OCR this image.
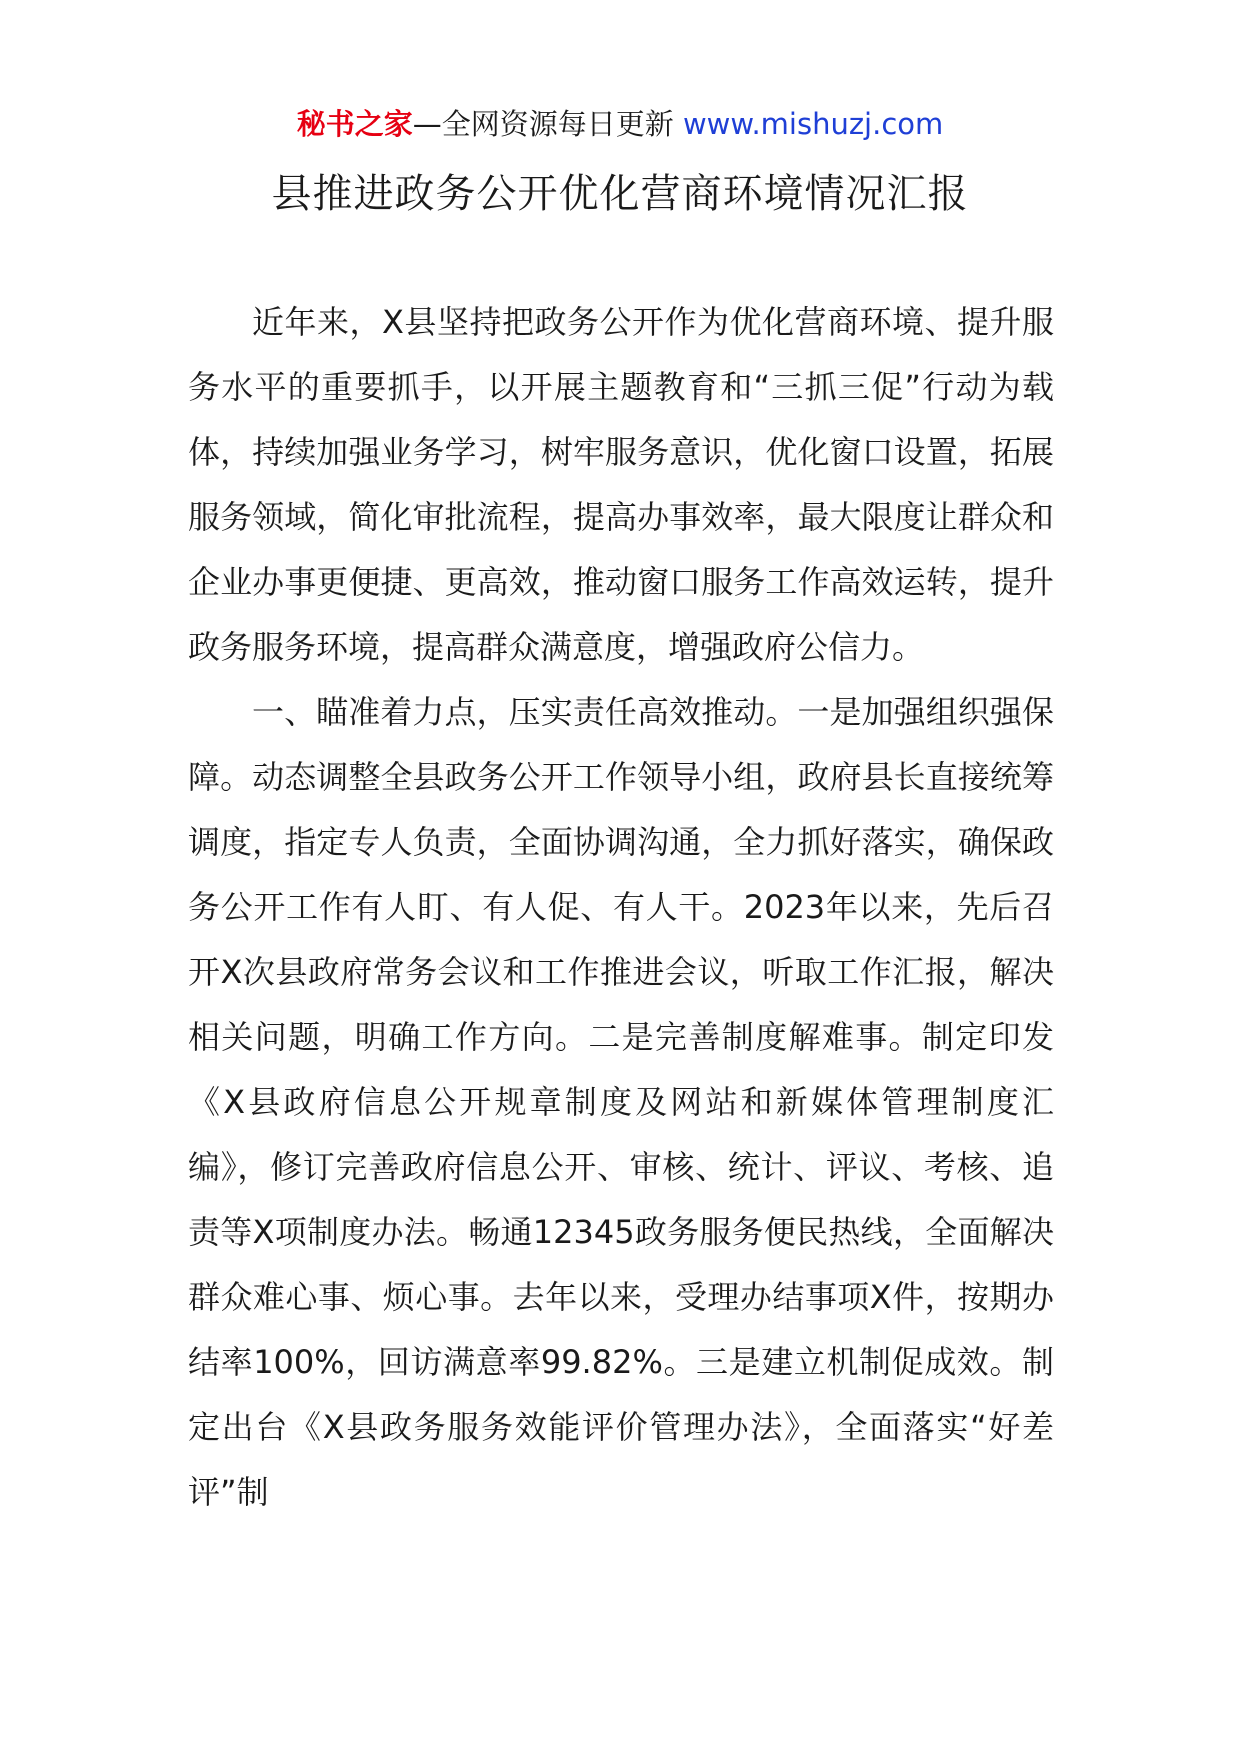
秘书之家—全网资源每日更新 www.mishuzj.com
县推进政务公开优化营商环境情况汇报

近年来，X县坚持把政务公开作为优化营商环境、提升服务水平的重要抓手，以开展主题教育和“三抓三促”行动为载体，持续加强业务学习，树牢服务意识，优化窗口设置，拓展服务领域，简化审批流程，提高办事效率，最大限度让群众和企业办事更便捷、更高效，推动窗口服务工作高效运转，提升政务服务环境，提高群众满意度，增强政府公信力。

一、瞄准着力点，压实责任高效推动。一是加强组织强保障。动态调整全县政务公开工作领导小组，政府县长直接统筹调度，指定专人负责，全面协调沟通，全力抓好落实，确保政务公开工作有人盯、有人促、有人干。2023年以来，先后召开X次县政府常务会议和工作推进会议，听取工作汇报，解决相关问题，明确工作方向。二是完善制度解难事。制定印发《X县政府信息公开规章制度及网站和新媒体管理制度汇编》，修订完善政府信息公开、审核、统计、评议、考核、追责等X项制度办法。畅通12345政务服务便民热线，全面解决群众难心事、烦心事。去年以来，受理办结事项X件，按期办结率100%，回访满意率99.82%。三是建立机制促成效。制定出台《X县政务服务效能评价管理办法》，全面落实“好差评”制
